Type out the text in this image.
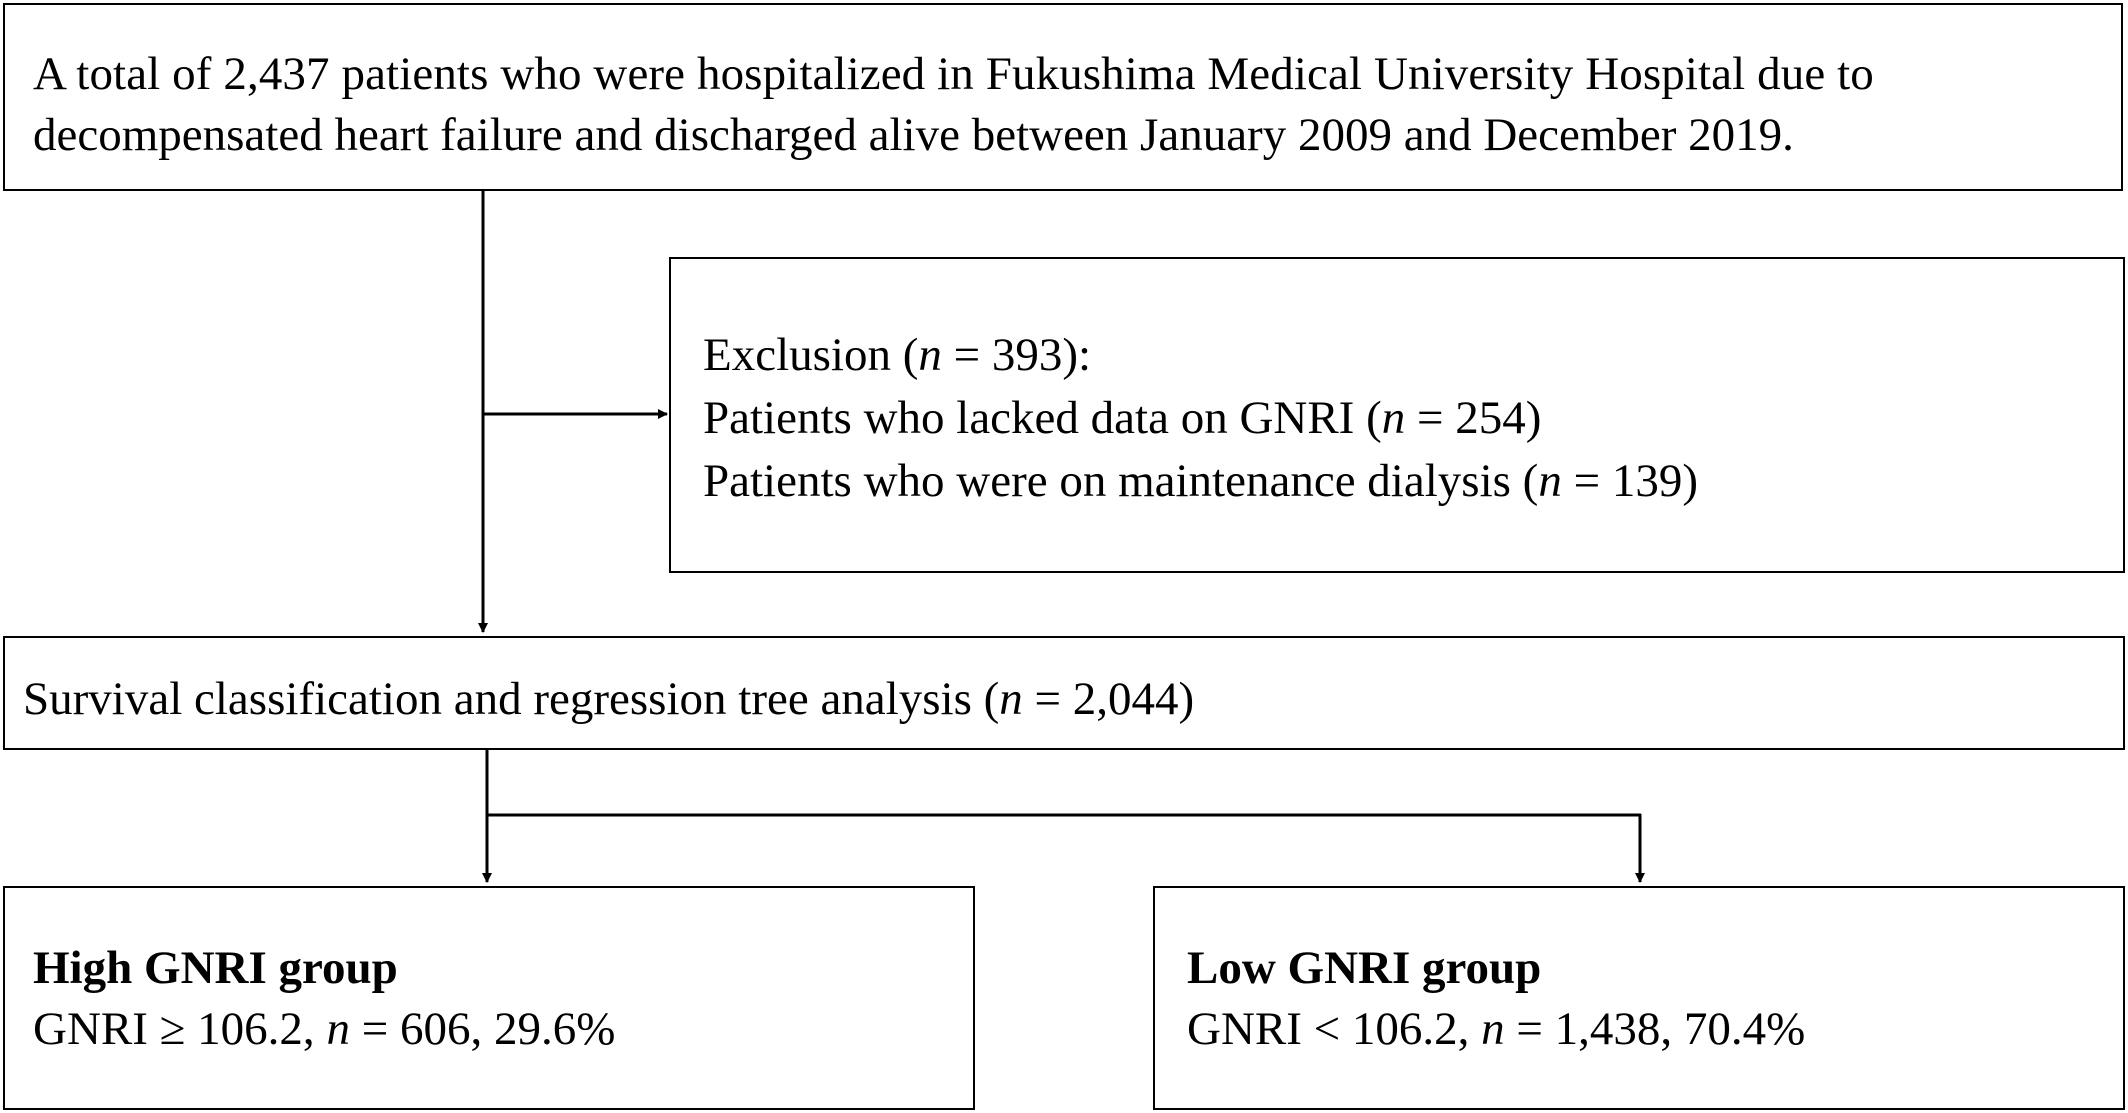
A total of 2,437 patients who were hospitalized in Fukushima Medical University Hospital due to
decompensated heart failure and discharged alive between January 2009 and December 2019.
Exclusion (n = 393):
Patients who lacked data on GNRI (n = 254)
Patients who were on maintenance dialysis (n = 139)
Survival classification and regression tree analysis (n = 2,044)
High GNRI group
GNRI ≥ 106.2, n = 606, 29.6%
Low GNRI group
GNRI < 106.2, n = 1,438, 70.4%
